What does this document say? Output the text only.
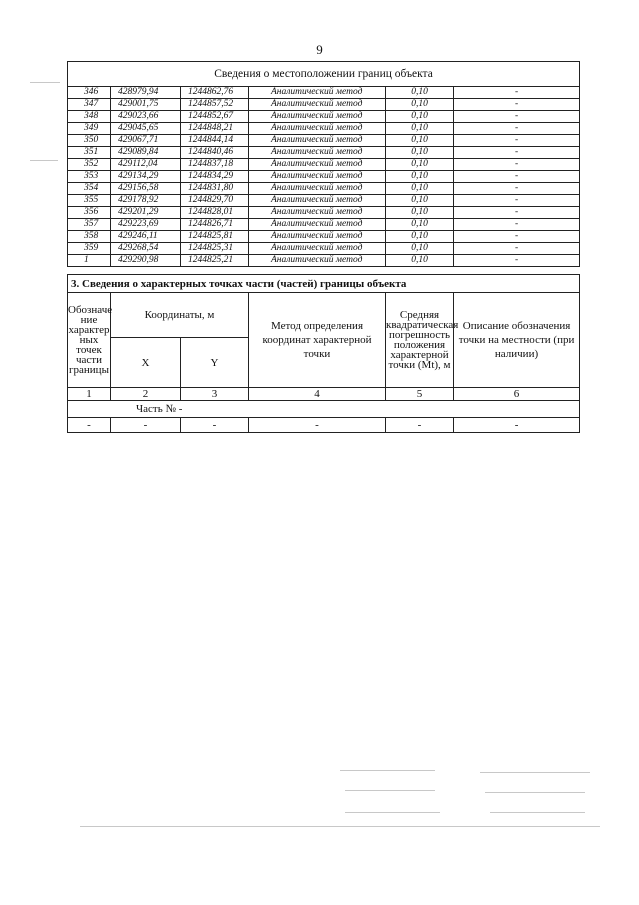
9
Сведения о местоположении границ объекта					
346	428979,94	1244862,76	Аналитический метод	0,10	-
347	429001,75	1244857,52	Аналитический метод	0,10	-
348	429023,66	1244852,67	Аналитический метод	0,10	-
349	429045,65	1244848,21	Аналитический метод	0,10	-
350	429067,71	1244844,14	Аналитический метод	0,10	-
351	429089,84	1244840,46	Аналитический метод	0,10	-
352	429112,04	1244837,18	Аналитический метод	0,10	-
353	429134,29	1244834,29	Аналитический метод	0,10	-
354	429156,58	1244831,80	Аналитический метод	0,10	-
355	429178,92	1244829,70	Аналитический метод	0,10	-
356	429201,29	1244828,01	Аналитический метод	0,10	-
357	429223,69	1244826,71	Аналитический метод	0,10	-
358	429246,11	1244825,81	Аналитический метод	0,10	-
359	429268,54	1244825,31	Аналитический метод	0,10	-
1	429290,98	1244825,21	Аналитический метод	0,10	-
3. Сведения о характерных точках части (частей) границы объекта					
Обозначе ние характер ных точек части границы	Координаты, м		Метод определения координат характерной точки	Средняя квадратическая погрешность положения характерной точки (Mt), м	Описание обозначения точки на местности (при наличии)
	X	Y			
1	2	3	4	5	6
Часть № -					
-	-	-	-	-	-
